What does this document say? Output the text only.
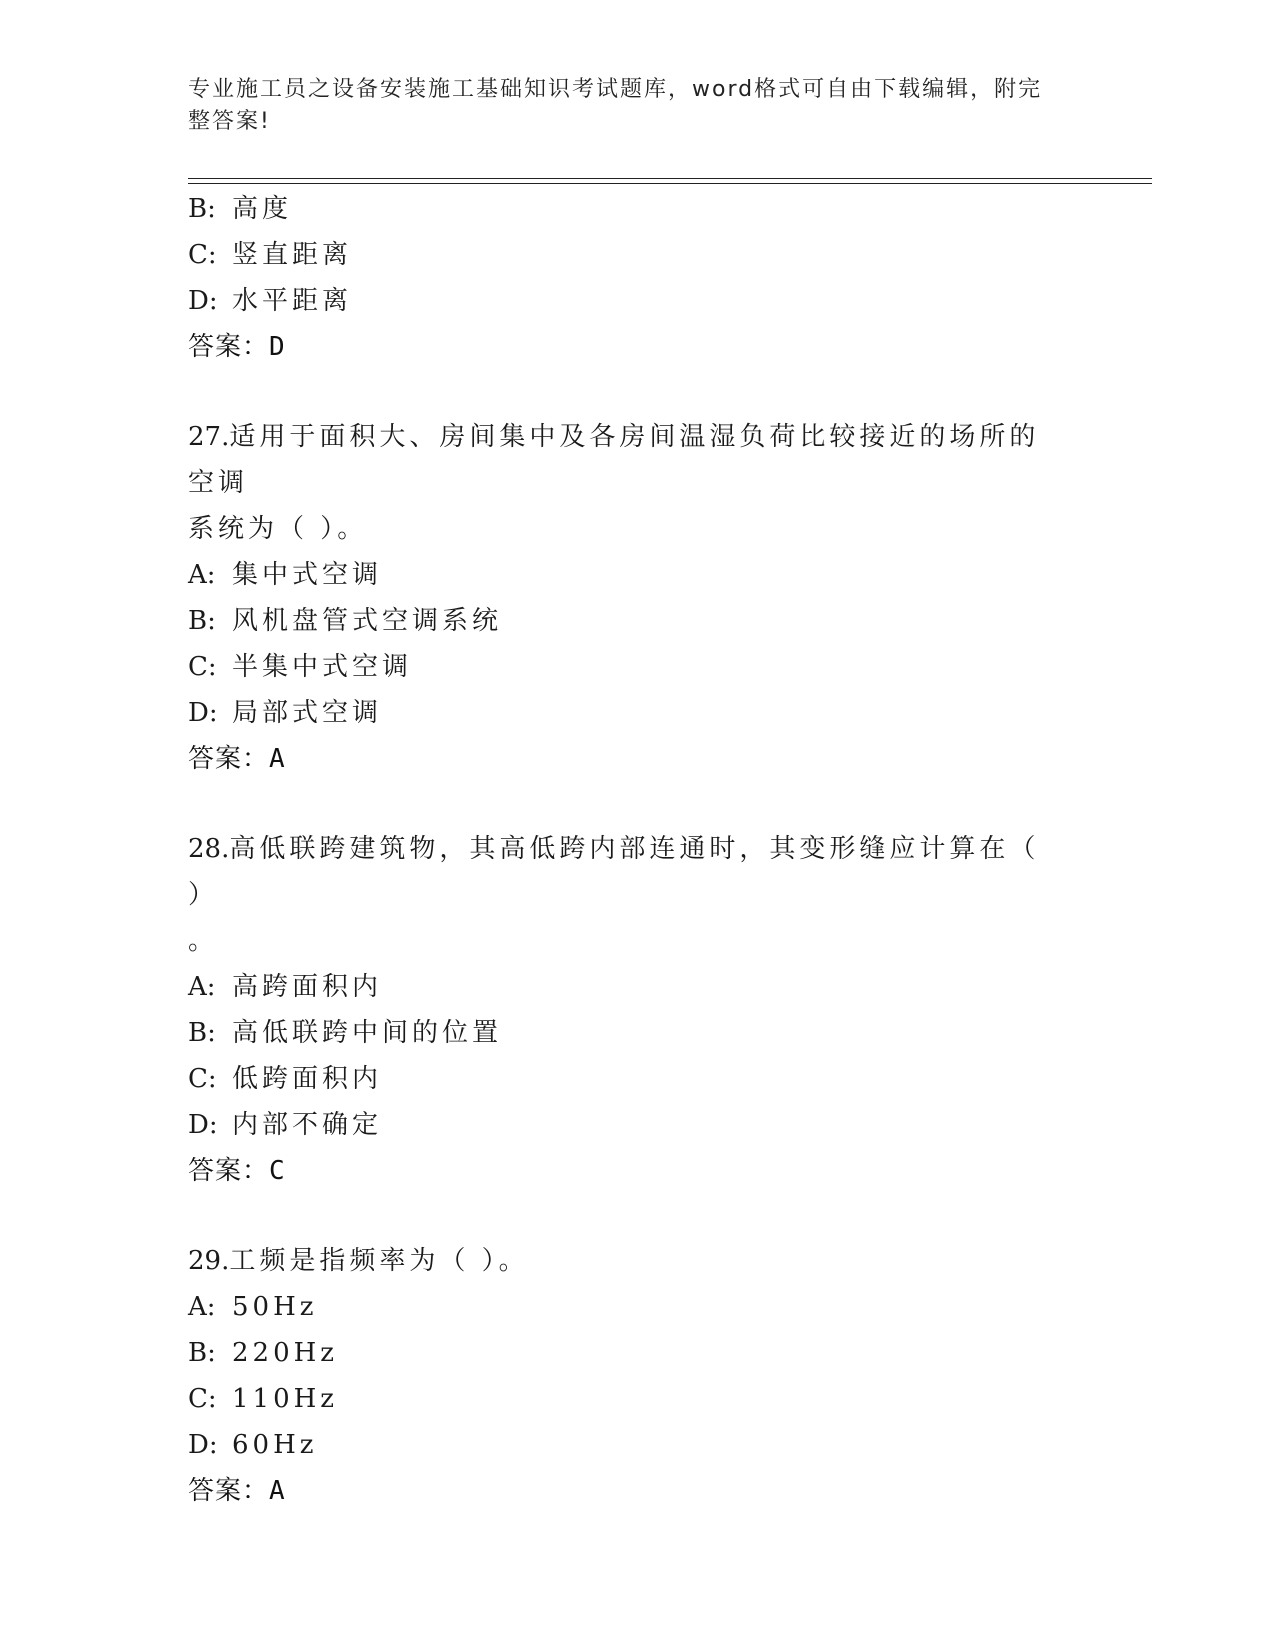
专业施工员之设备安装施工基础知识考试题库，word格式可自由下载编辑，附完
整答案!
B: 高度
C: 竖直距离
D: 水平距离
答案：D
27.适用于面积大、房间集中及各房间温湿负荷比较接近的场所的空调
系统为（ ）。
A: 集中式空调
B: 风机盘管式空调系统
C: 半集中式空调
D: 局部式空调
答案：A
28.高低联跨建筑物，其高低跨内部连通时，其变形缝应计算在（ ）
。
A: 高跨面积内
B: 高低联跨中间的位置
C: 低跨面积内
D: 内部不确定
答案：C
29.工频是指频率为（ ）。
A: 50Hz
B: 220Hz
C: 110Hz
D: 60Hz
答案：A
